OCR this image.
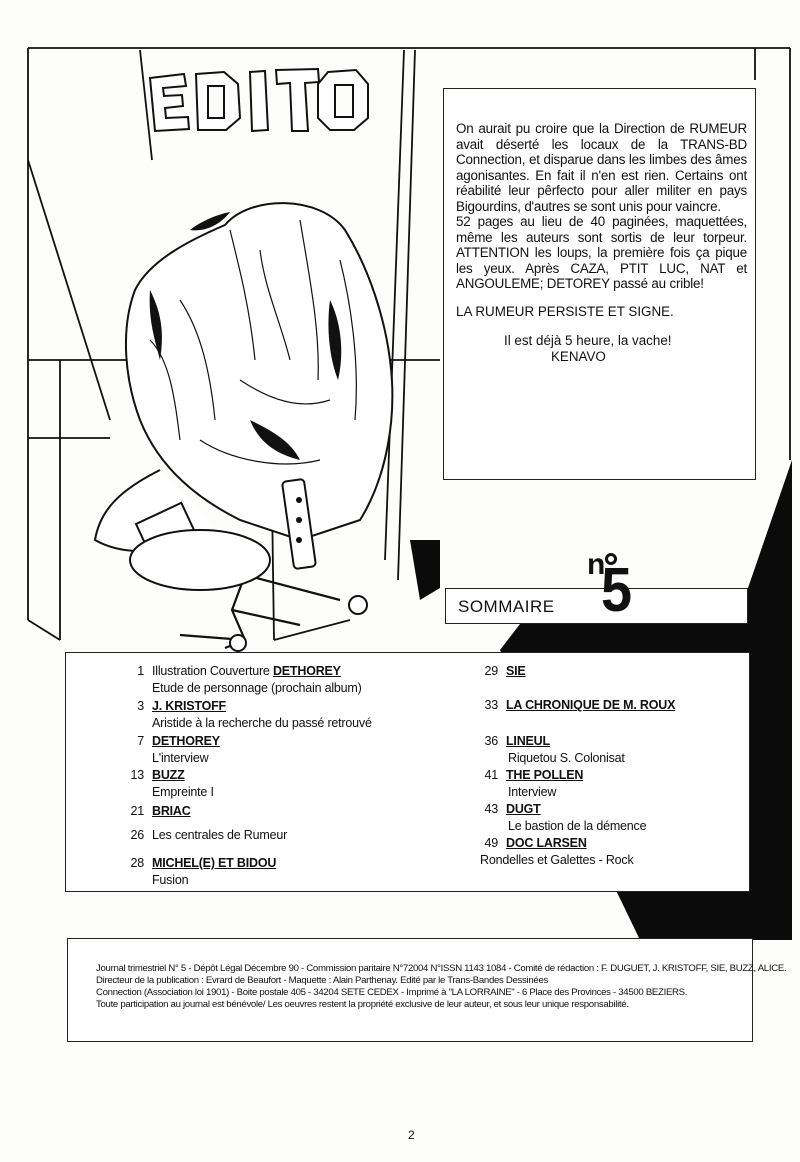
On aurait pu croire que la Direction de RUMEUR avait déserté les locaux de la TRANS-BD Connection, et disparue dans les limbes des âmes agonisantes. En fait il n'en est rien. Certains ont réabilité leur pêrfecto pour aller militer en pays Bigourdins, d'autres se sont unis pour vaincre.

52 pages au lieu de 40 paginées, maquettées, même les auteurs sont sortis de leur torpeur. ATTENTION les loups, la première fois ça pique les yeux. Après CAZA, PTIT LUC, NAT et ANGOULEME; DETOREY passé au crible!

LA RUMEUR PERSISTE ET SIGNE.

Il est déjà 5 heure, la vache!

KENAVO

n
SOMMAIRE 5
1 Illustration Couverture DETHOREY
Etude de personnage (prochain album)
3 J. KRISTOFF
Aristide à la recherche du passé retrouvé
7 DETHOREY
L'interview
13 BUZZ
Empreinte I
21 BRIAC
26 Les centrales de Rumeur
28 MICHEL(E) ET BIDOU
Fusion
29 SIE
33 LA CHRONIQUE DE M. ROUX
36 LINEUL
Riquetou S. Colonisat
41 THE POLLEN
Interview
43 DUGT
Le bastion de la démence
49 DOC LARSEN
Rondelles et Galettes - Rock

Journal trimestriel N° 5 - Dépôt Légal Décembre 90 - Commission paritaire N°72004 N°ISSN 1143 1084 - Comité de rédaction : F. DUGUET, J. KRISTOFF, SIE, BUZZ, ALICE.

Directeur de la publication : Evrard de Beaufort - Maquette : Alain Parthenay. Edité par le Trans-Bandes Dessinées

Connection (Association loi 1901) - Boite postale 405 - 34204 SETE CEDEX - Imprimé à "LA LORRAINE" - 6 Place des Provinces - 34500 BEZIERS.

Toute participation au journal est bénévole/ Les oeuvres restent la propriété exclusive de leur auteur, et sous leur unique responsabilité.

2
